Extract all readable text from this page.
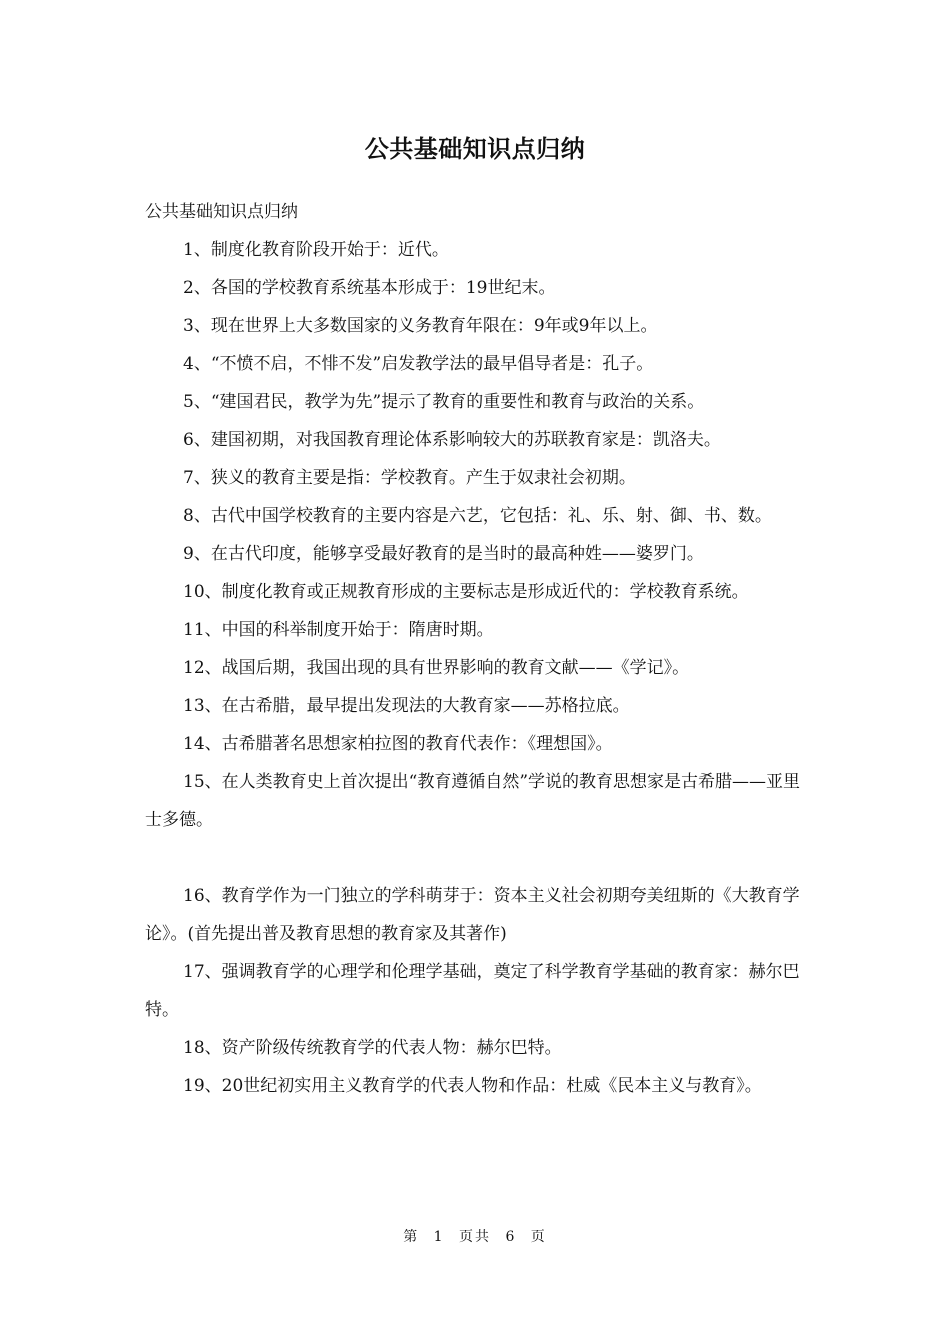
公共基础知识点归纳

公共基础知识点归纳

1、制度化教育阶段开始于：近代。

2、各国的学校教育系统基本形成于：19世纪末。

3、现在世界上大多数国家的义务教育年限在：9年或9年以上。

4、“不愤不启，不悱不发”启发教学法的最早倡导者是：孔子。

5、“建国君民，教学为先”提示了教育的重要性和教育与政治的关系。

6、建国初期，对我国教育理论体系影响较大的苏联教育家是：凯洛夫。

7、狭义的教育主要是指：学校教育。产生于奴隶社会初期。

8、古代中国学校教育的主要内容是六艺，它包括：礼、乐、射、御、书、数。

9、在古代印度，能够享受最好教育的是当时的最高种姓——婆罗门。

10、制度化教育或正规教育形成的主要标志是形成近代的：学校教育系统。

11、中国的科举制度开始于：隋唐时期。

12、战国后期，我国出现的具有世界影响的教育文献——《学记》。

13、在古希腊，最早提出发现法的大教育家——苏格拉底。

14、古希腊著名思想家柏拉图的教育代表作：《理想国》。

15、在人类教育史上首次提出“教育遵循自然”学说的教育思想家是古希腊——亚里士多德。

16、教育学作为一门独立的学科萌芽于：资本主义社会初期夸美纽斯的《大教育学论》。(首先提出普及教育思想的教育家及其著作)

17、强调教育学的心理学和伦理学基础，奠定了科学教育学基础的教育家：赫尔巴特。

18、资产阶级传统教育学的代表人物：赫尔巴特。

19、20世纪初实用主义教育学的代表人物和作品：杜威《民本主义与教育》。

第 1 页共 6 页
